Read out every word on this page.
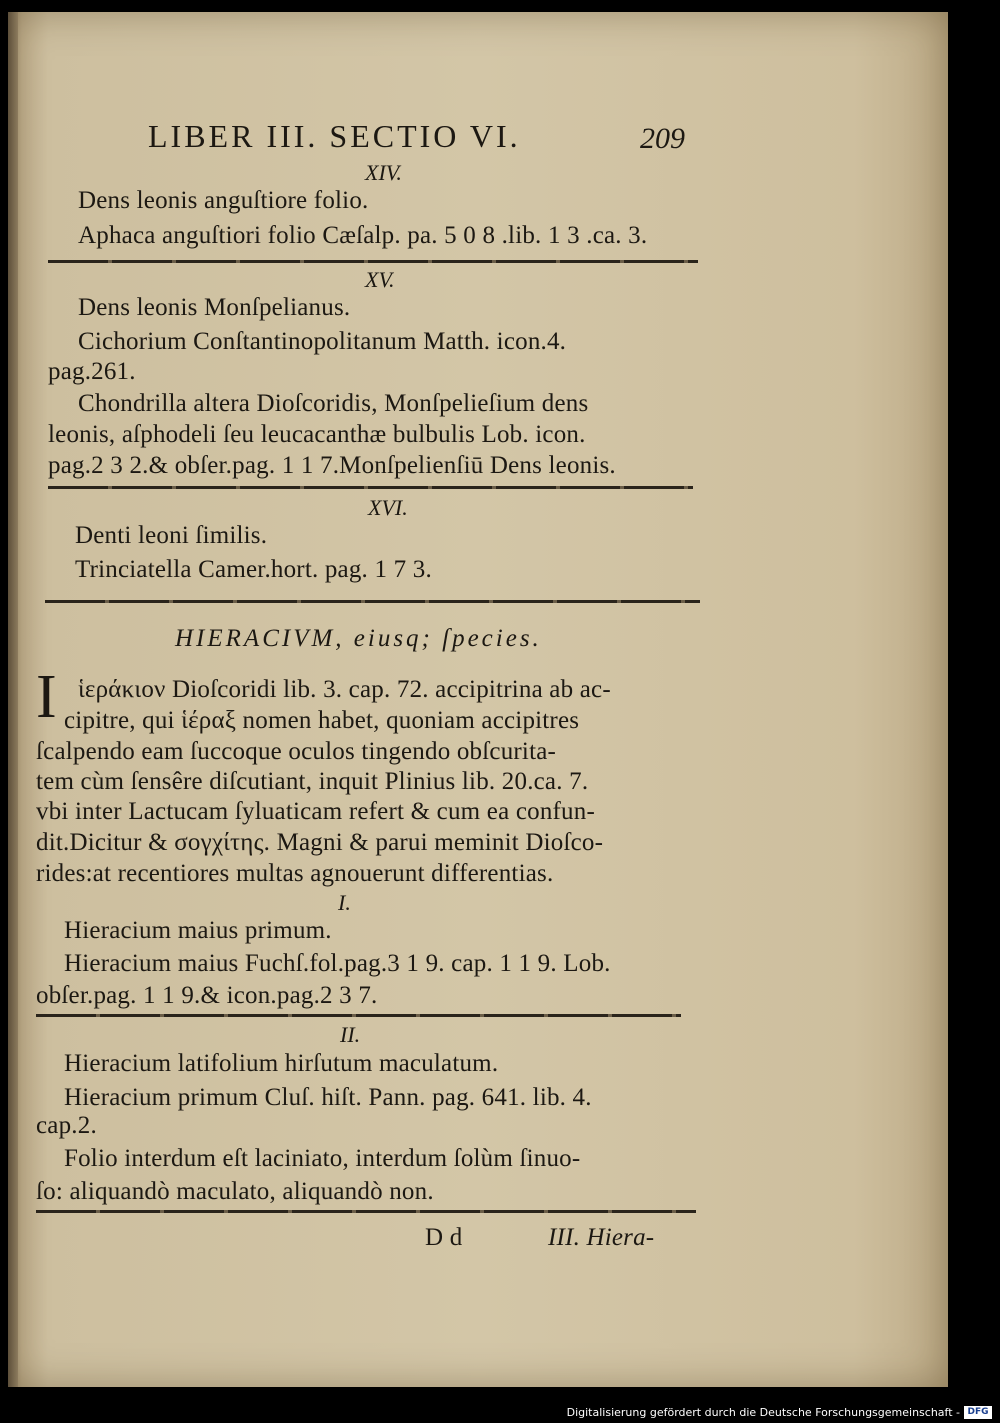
LIBER III. SECTIO VI.	209
XIV.
Dens leonis anguſtiore folio.
Aphaca anguſtiori folio Cæſalp. pa. 5 0 8 .lib. 1 3 .ca. 3.
XV.
Dens leonis Monſpelianus.
Cichorium Conſtantinopolitanum Matth. icon.4.
pag.261.
Chondrilla altera Dioſcoridis, Monſpelieſium dens
leonis, aſphodeli ſeu leucacanthæ bulbulis Lob. icon.
pag.2 3 2.& obſer.pag. 1 1 7.Monſpelienſiū Dens leonis.
XVI.
Denti leoni ſimilis.
Trinciatella Camer.hort. pag. 1 7 3.
HIERACIVM, eiusq; ſpecies.
I ἱεράκιον Dioſcoridi lib. 3. cap. 72. accipitrina ab ac-
cipitre, qui ἱέραξ nomen habet, quoniam accipitres
ſcalpendo eam ſuccoque oculos tingendo obſcurita-
tem cùm ſensêre diſcutiant, inquit Plinius lib. 20.ca. 7.
vbi inter Lactucam ſyluaticam refert & cum ea confun-
dit.Dicitur & σογχίτης. Magni & parui meminit Dioſco-
rides:at recentiores multas agnouerunt differentias.
I.
Hieracium maius primum.
Hieracium maius Fuchſ.fol.pag.3 1 9. cap. 1 1 9. Lob.
obſer.pag. 1 1 9.& icon.pag.2 3 7.
II.
Hieracium latifolium hirſutum maculatum.
Hieracium primum Cluſ. hiſt. Pann. pag. 641. lib. 4.
cap.2.
Folio interdum eſt laciniato, interdum ſolùm ſinuo-
ſo: aliquandò maculato, aliquandò non.
D d	III. Hiera-
Digitalisierung gefördert durch die Deutsche Forschungsgemeinschaft - DFG
